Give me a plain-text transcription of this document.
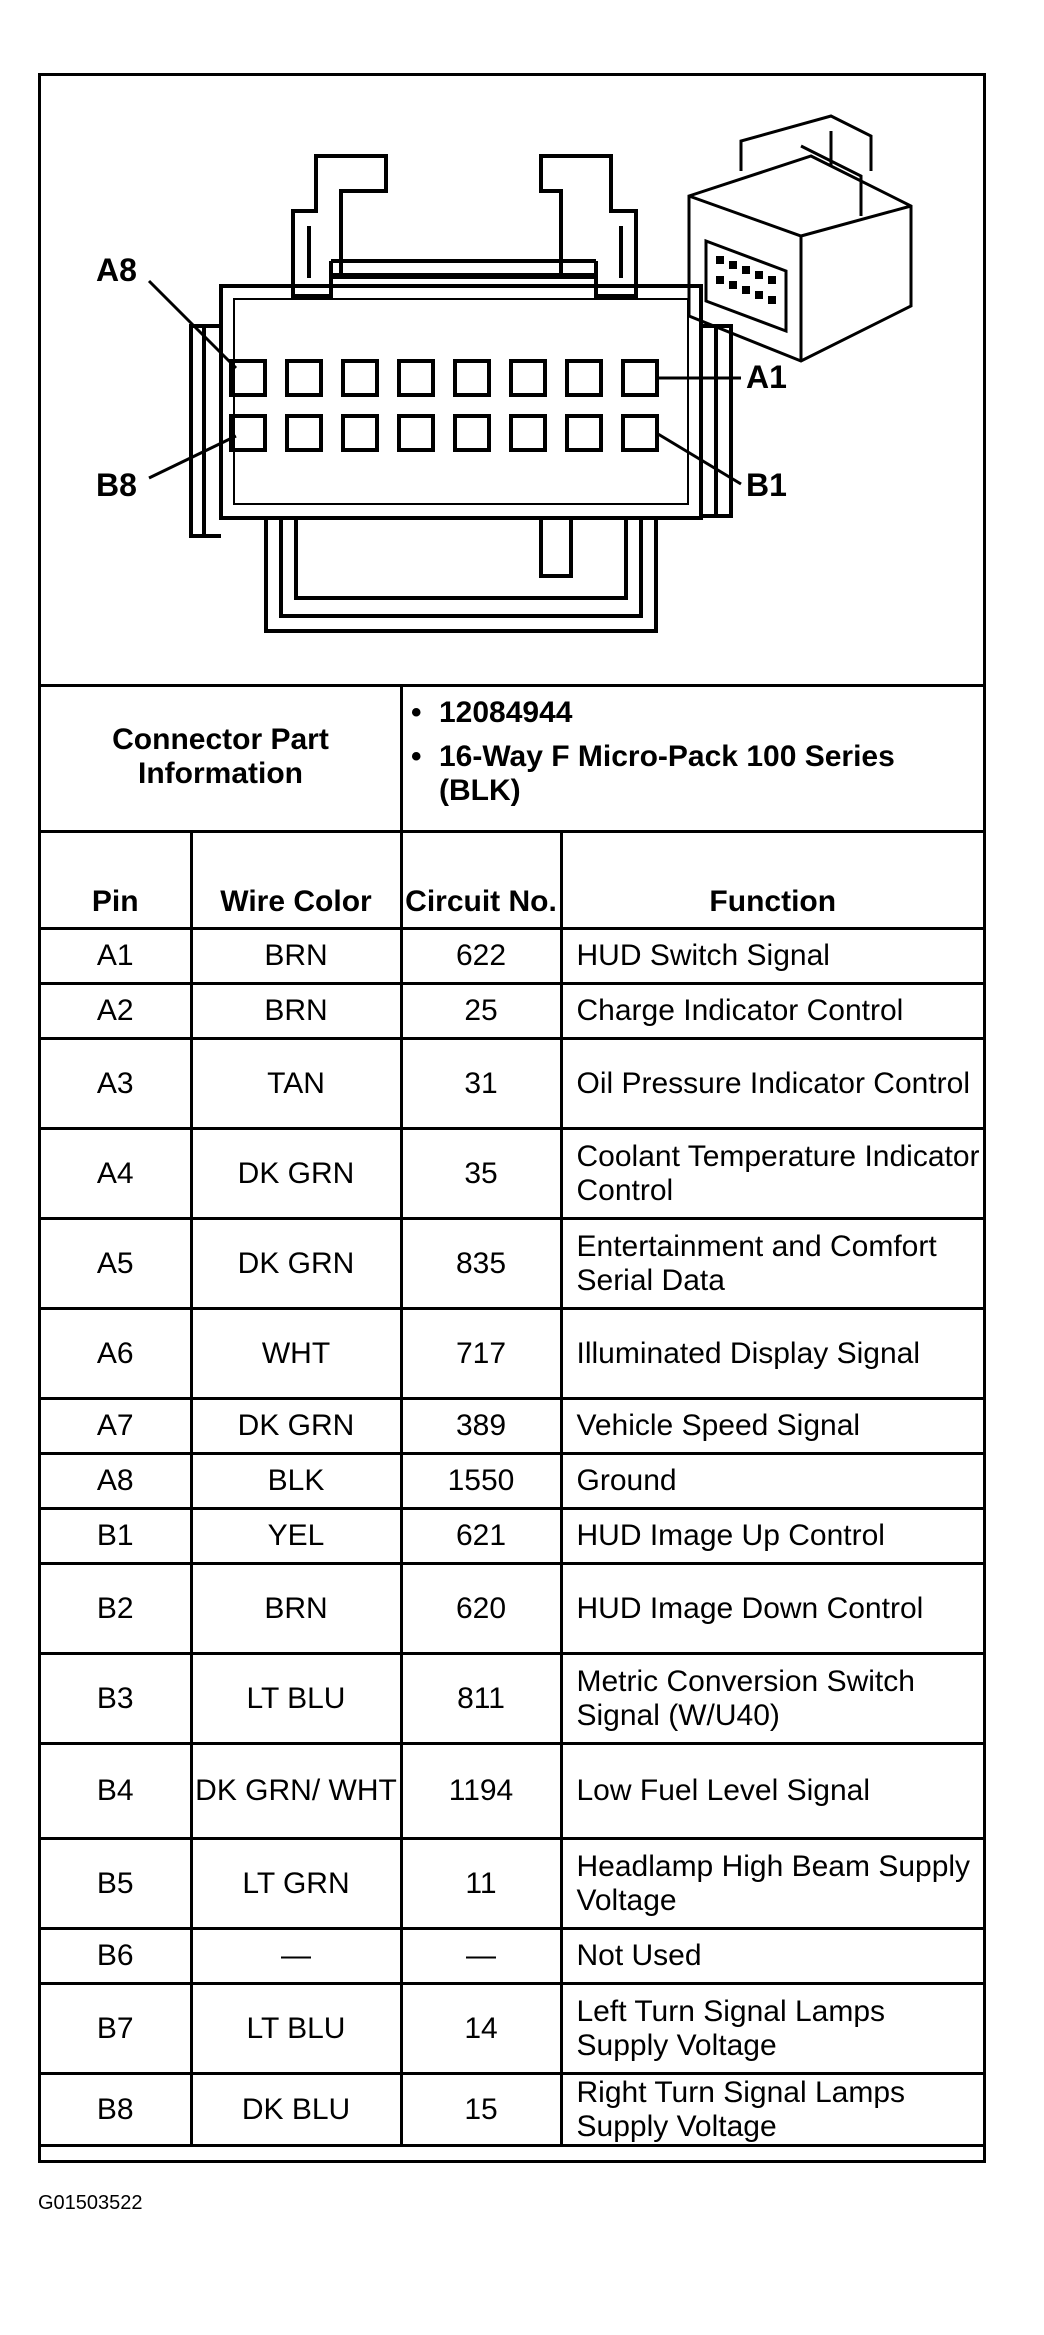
A8
A1
B8	B1
Connector Part Information
• 12084944
• 16-Way F Micro-Pack 100 Series (BLK)
Pin	Wire Color	Circuit No.	Function
A1	BRN	622	HUD Switch Signal
A2	BRN	25	Charge Indicator Control
A3	TAN	31	Oil Pressure Indicator Control
A4	DK GRN	35	Coolant Temperature Indicator Control
A5	DK GRN	835	Entertainment and Comfort Serial Data
A6	WHT	717	Illuminated Display Signal
A7	DK GRN	389	Vehicle Speed Signal
A8	BLK	1550	Ground
B1	YEL	621	HUD Image Up Control
B2	BRN	620	HUD Image Down Control
B3	LT BLU	811	Metric Conversion Switch Signal (W/U40)
B4	DK GRN/ WHT	1194	Low Fuel Level Signal
B5	LT GRN	11	Headlamp High Beam Supply Voltage
B6	—	—	Not Used
B7	LT BLU	14	Left Turn Signal Lamps Supply Voltage
B8	DK BLU	15	Right Turn Signal Lamps Supply Voltage
G01503522
